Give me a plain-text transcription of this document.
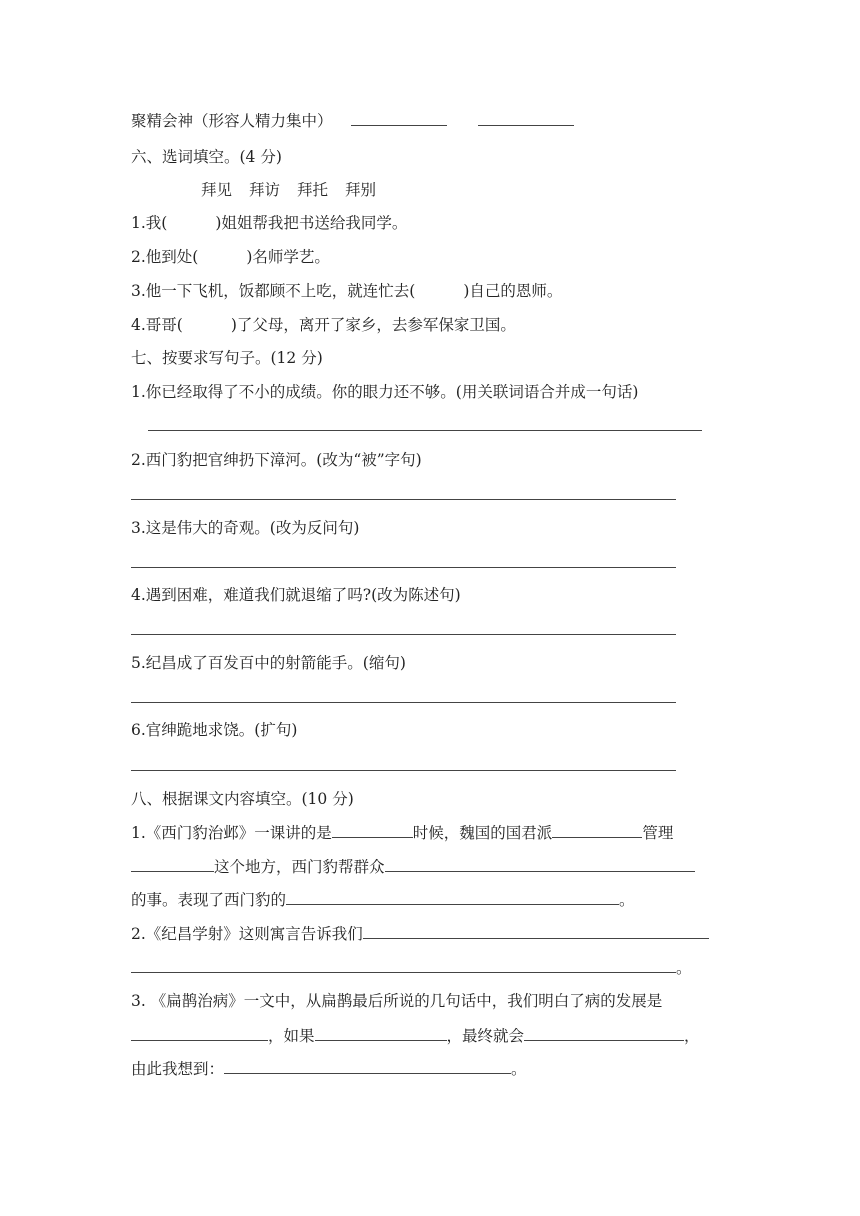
聚精会神（形容人精力集中）
六、选词填空。(4 分)
拜见 拜访 拜托 拜别
1.我(	)姐姐帮我把书送给我同学。
2.他到处(	)名师学艺。
3.他一下飞机，饭都顾不上吃，就连忙去(	)自己的恩师。
4.哥哥(	)了父母，离开了家乡，去参军保家卫国。
七、按要求写句子。(12 分)
1.你已经取得了不小的成绩。你的眼力还不够。(用关联词语合并成一句话)
2.西门豹把官绅扔下漳河。(改为“被”字句)
3.这是伟大的奇观。(改为反问句)
4.遇到困难，难道我们就退缩了吗?(改为陈述句)
5.纪昌成了百发百中的射箭能手。(缩句)
6.官绅跪地求饶。(扩句)
八、根据课文内容填空。(10 分)
1.《西门豹治邺》一课讲的是	时候，魏国的国君派	管理
这个地方，西门豹帮群众
的事。表现了西门豹的	。
2.《纪昌学射》这则寓言告诉我们
。
3. 《扁鹊治病》一文中，从扁鹊最后所说的几句话中，我们明白了病的发展是
，如果	，最终就会	，
由此我想到：	。
